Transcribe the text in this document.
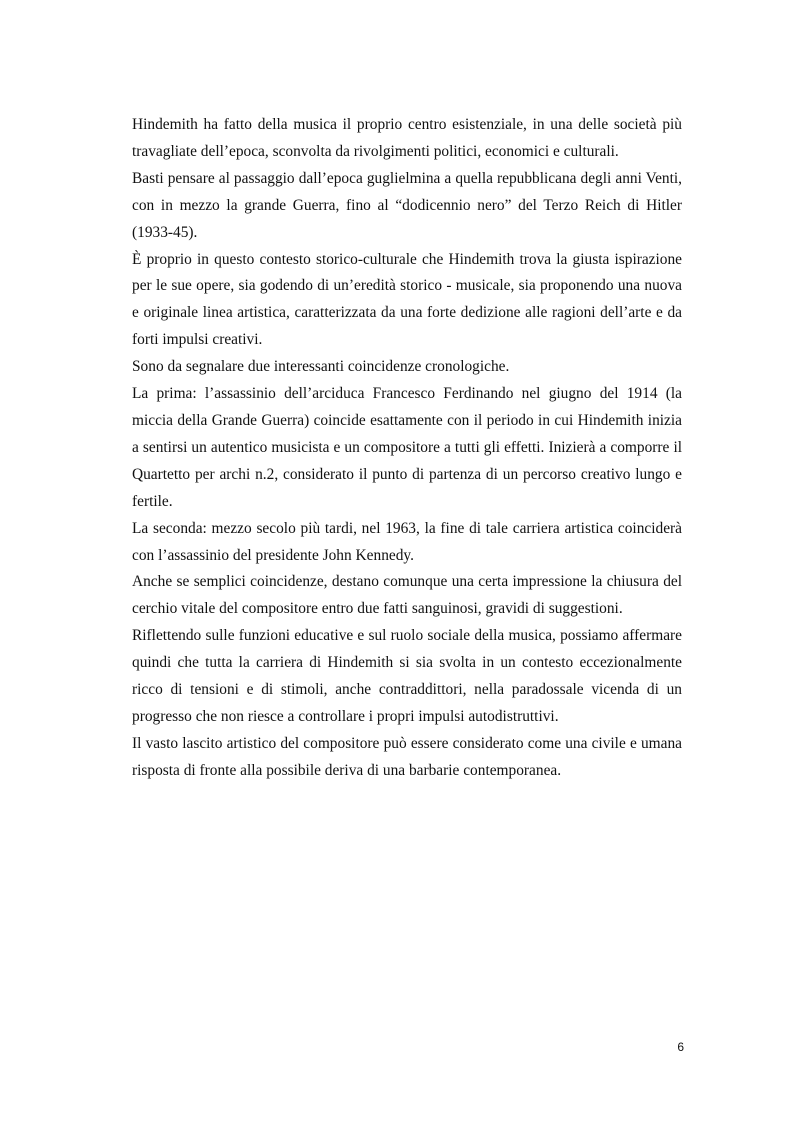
Hindemith ha fatto della musica il proprio centro esistenziale, in una delle società più travagliate dell’epoca, sconvolta da rivolgimenti politici, economici e culturali.

Basti pensare al passaggio dall’epoca guglielmina a quella repubblicana degli anni Venti, con in mezzo la grande Guerra, fino al “dodicennio nero” del Terzo Reich di Hitler (1933-45).

È proprio in questo contesto storico-culturale che Hindemith trova la giusta ispirazione per le sue opere, sia godendo di un’eredità storico - musicale, sia proponendo una nuova e originale linea artistica, caratterizzata da una forte dedizione alle ragioni dell’arte e da forti impulsi creativi.

Sono da segnalare due interessanti coincidenze cronologiche.

La prima: l’assassinio dell’arciduca Francesco Ferdinando nel giugno del 1914 (la miccia della Grande Guerra) coincide esattamente con il periodo in cui Hindemith inizia a sentirsi un autentico musicista e un compositore a tutti gli effetti. Inizierà a comporre il Quartetto per archi n.2, considerato il punto di partenza di un percorso creativo lungo e fertile.

La seconda: mezzo secolo più tardi, nel 1963, la fine di tale carriera artistica coinciderà con l’assassinio del presidente John Kennedy.

Anche se semplici coincidenze, destano comunque una certa impressione la chiusura del cerchio vitale del compositore entro due fatti sanguinosi, gravidi di suggestioni.

Riflettendo sulle funzioni educative e sul ruolo sociale della musica, possiamo affermare quindi che tutta la carriera di Hindemith si sia svolta in un contesto eccezionalmente ricco di tensioni e di stimoli, anche contraddittori, nella paradossale vicenda di un progresso che non riesce a controllare i propri impulsi autodistruttivi.

Il vasto lascito artistico del compositore può essere considerato come una civile e umana risposta di fronte alla possibile deriva di una barbarie contemporanea.

6
